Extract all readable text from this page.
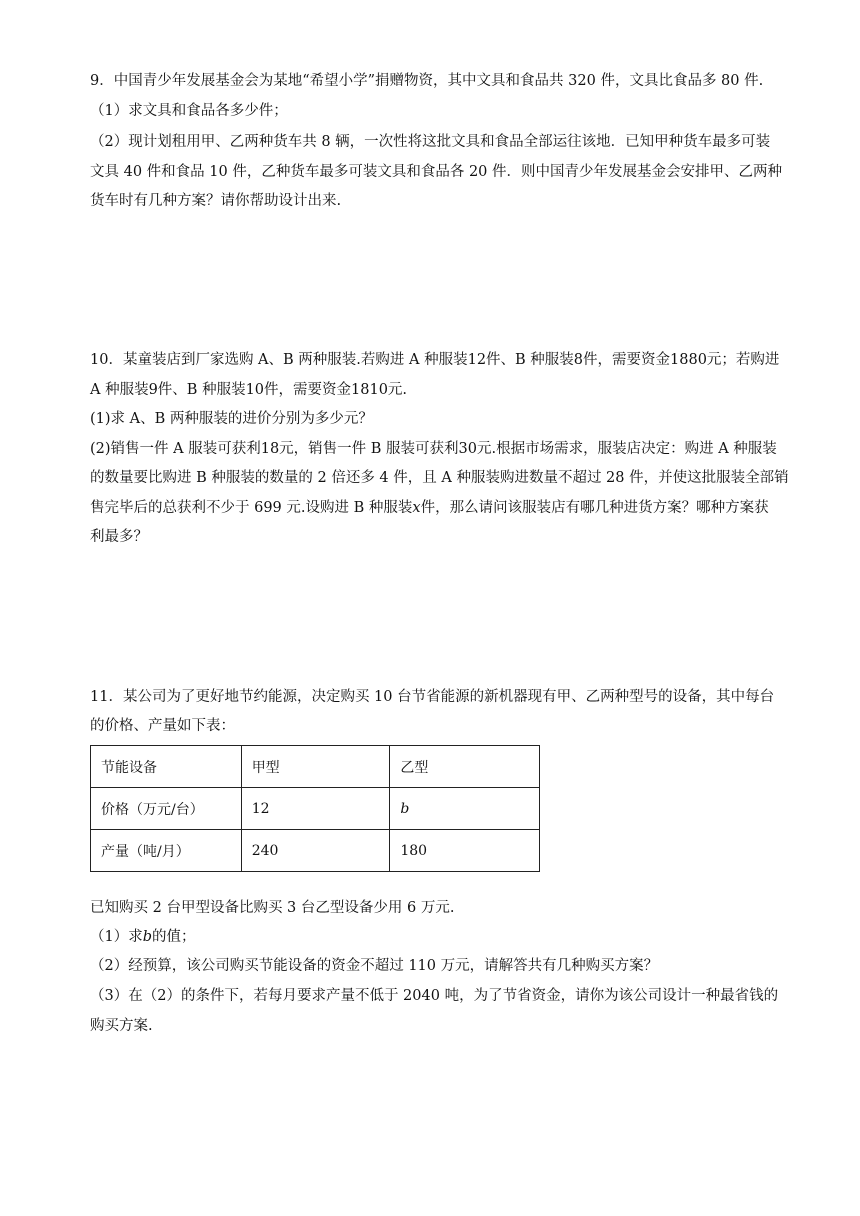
9．中国青少年发展基金会为某地“希望小学”捐赠物资，其中文具和食品共 320 件，文具比食品多 80 件.
（1）求文具和食品各多少件；
（2）现计划租用甲、乙两种货车共 8 辆，一次性将这批文具和食品全部运往该地．已知甲种货车最多可装
文具 40 件和食品 10 件，乙种货车最多可装文具和食品各 20 件．则中国青少年发展基金会安排甲、乙两种
货车时有几种方案？请你帮助设计出来.
10．某童装店到厂家选购 A、B 两种服装.若购进 A 种服装12件、B 种服装8件，需要资金1880元；若购进
A 种服装9件、B 种服装10件，需要资金1810元.
(1)求 A、B 两种服装的进价分别为多少元？
(2)销售一件 A 服装可获利18元，销售一件 B 服装可获利30元.根据市场需求，服装店决定：购进 A 种服装
的数量要比购进 B 种服装的数量的 2 倍还多 4 件，且 A 种服装购进数量不超过 28 件，并使这批服装全部销
售完毕后的总获利不少于 699 元.设购进 B 种服装x件，那么请问该服装店有哪几种进货方案？哪种方案获
利最多？
11．某公司为了更好地节约能源，决定购买 10 台节省能源的新机器现有甲、乙两种型号的设备，其中每台
的价格、产量如下表：
节能设备	甲型	乙型
价格（万元/台）	12	b
产量（吨/月）	240	180
已知购买 2 台甲型设备比购买 3 台乙型设备少用 6 万元.
（1）求b的值；
（2）经预算，该公司购买节能设备的资金不超过 110 万元，请解答共有几种购买方案？
（3）在（2）的条件下，若每月要求产量不低于 2040 吨，为了节省资金，请你为该公司设计一种最省钱的
购买方案.
